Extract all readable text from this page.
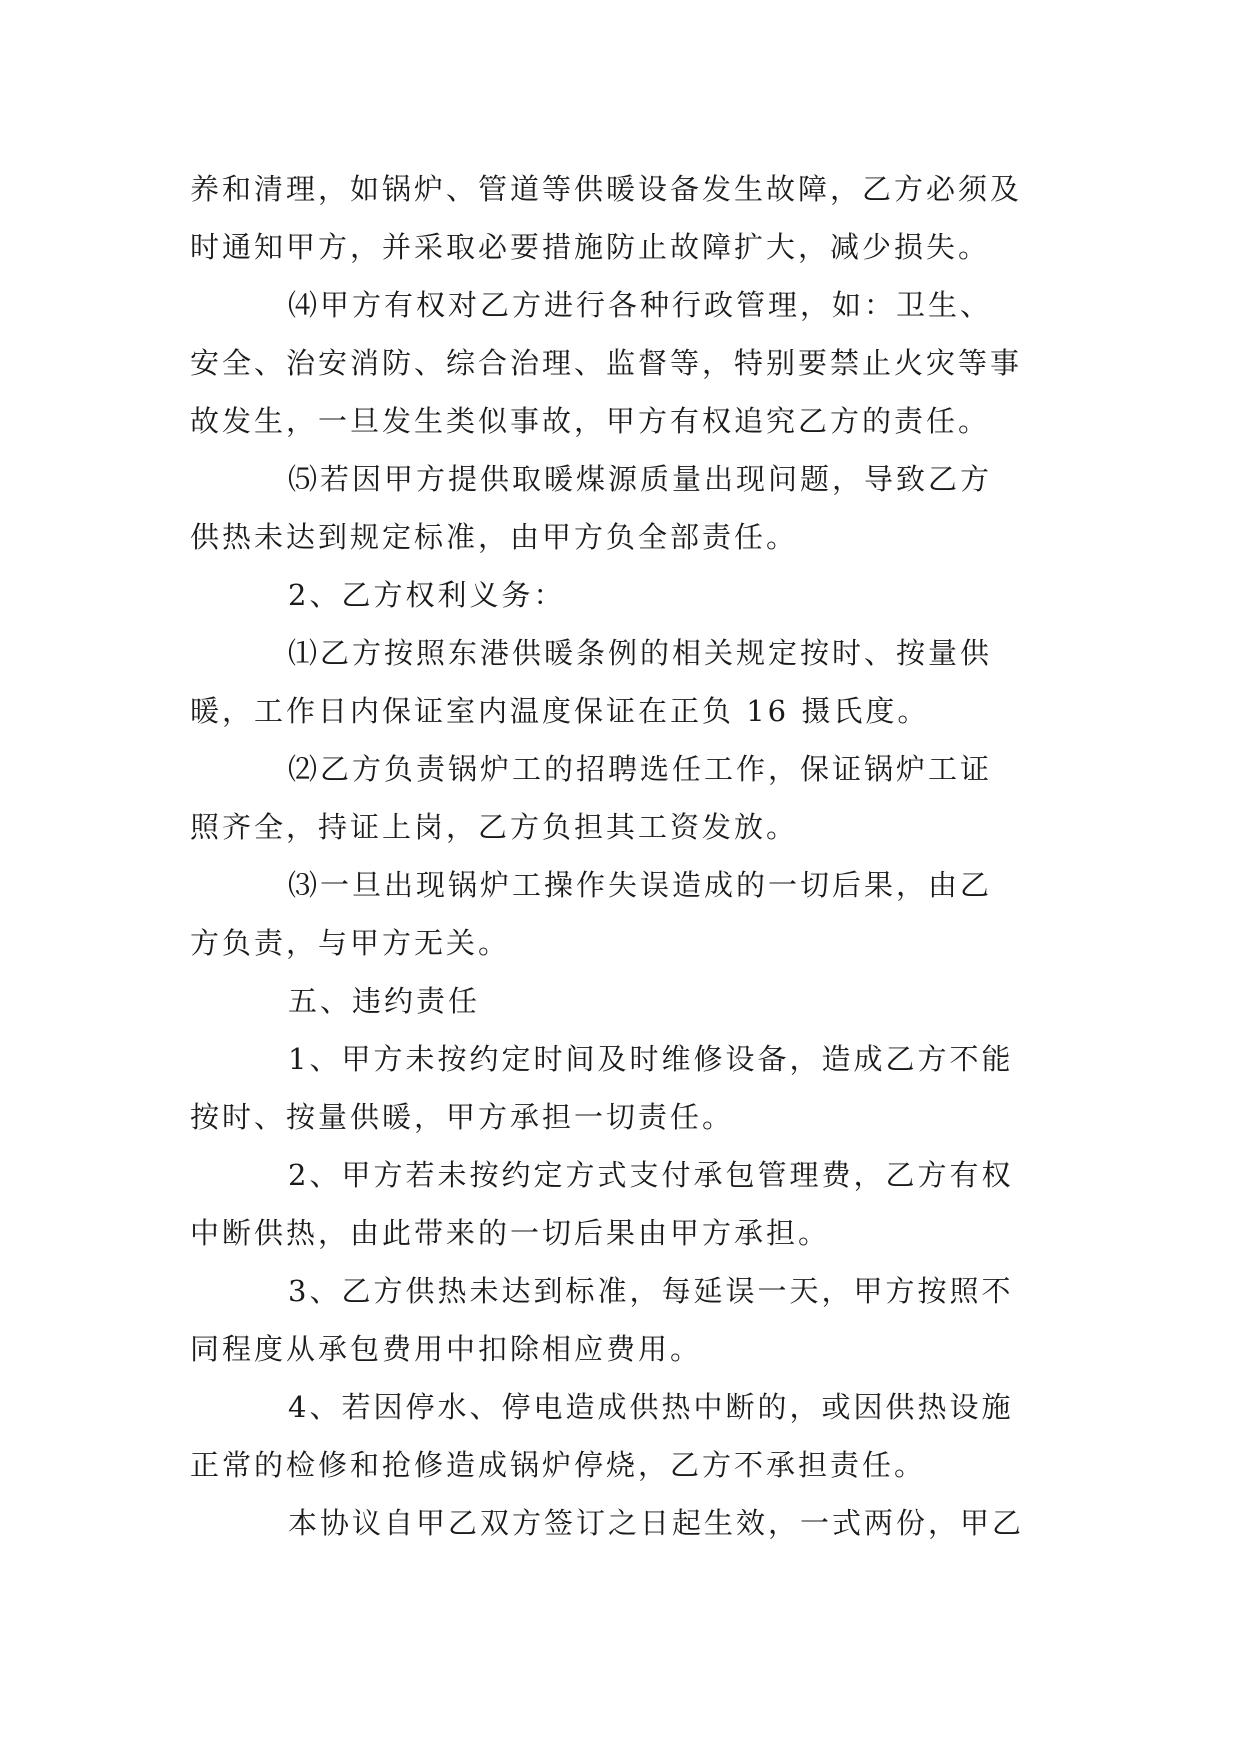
养和清理，如锅炉、管道等供暖设备发生故障，乙方必须及
时通知甲方，并采取必要措施防止故障扩大，减少损失。
⑷甲方有权对乙方进行各种行政管理，如：卫生、
安全、治安消防、综合治理、监督等，特别要禁止火灾等事
故发生，一旦发生类似事故，甲方有权追究乙方的责任。
⑸若因甲方提供取暖煤源质量出现问题，导致乙方
供热未达到规定标准，由甲方负全部责任。
2、乙方权利义务：
⑴乙方按照东港供暖条例的相关规定按时、按量供
暖，工作日内保证室内温度保证在正负 16 摄氏度。
⑵乙方负责锅炉工的招聘选任工作，保证锅炉工证
照齐全，持证上岗，乙方负担其工资发放。
⑶一旦出现锅炉工操作失误造成的一切后果，由乙
方负责，与甲方无关。
五、违约责任
1、甲方未按约定时间及时维修设备，造成乙方不能
按时、按量供暖，甲方承担一切责任。
2、甲方若未按约定方式支付承包管理费，乙方有权
中断供热，由此带来的一切后果由甲方承担。
3、乙方供热未达到标准，每延误一天，甲方按照不
同程度从承包费用中扣除相应费用。
4、若因停水、停电造成供热中断的，或因供热设施
正常的检修和抢修造成锅炉停烧，乙方不承担责任。
本协议自甲乙双方签订之日起生效，一式两份，甲乙
